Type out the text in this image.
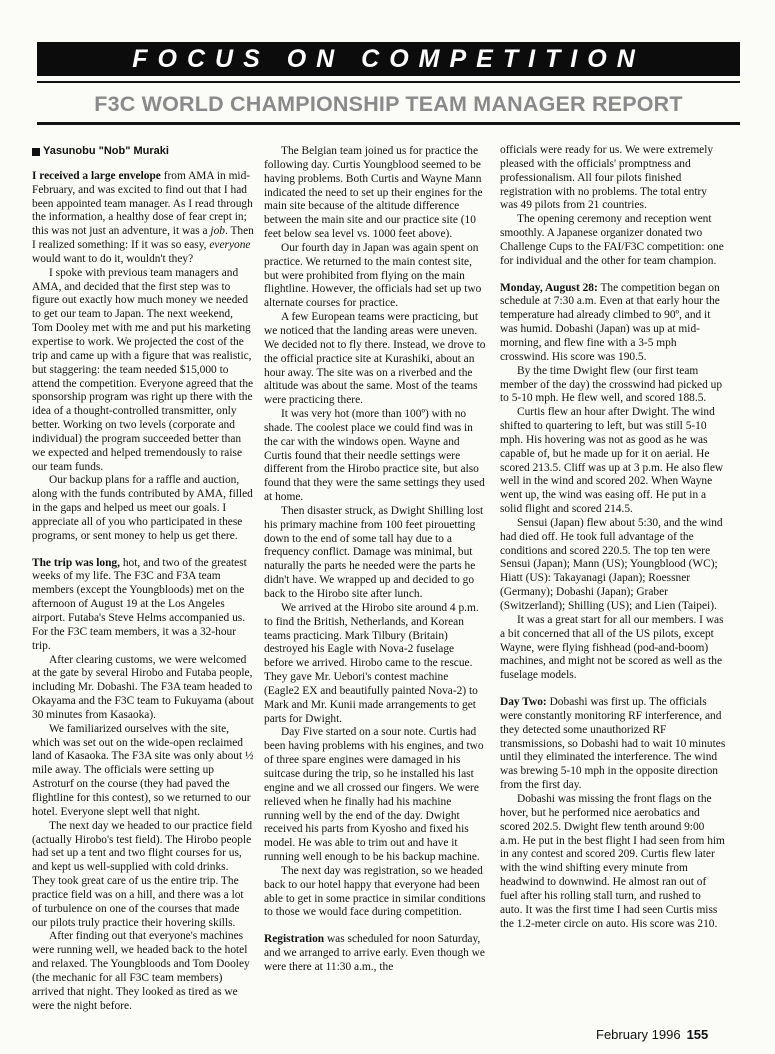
FOCUS ON COMPETITION
F3C WORLD CHAMPIONSHIP TEAM MANAGER REPORT
Yasunobu "Nob" Muraki

I received a large envelope from AMA in mid-February, and was excited to find out that I had been appointed team manager. As I read through the information, a healthy dose of fear crept in; this was not just an adventure, it was a job. Then I realized something: If it was so easy, everyone would want to do it, wouldn't they?

I spoke with previous team managers and AMA, and decided that the first step was to figure out exactly how much money we needed to get our team to Japan. The next weekend, Tom Dooley met with me and put his marketing expertise to work. We projected the cost of the trip and came up with a figure that was realistic, but staggering: the team needed $15,000 to attend the competition. Everyone agreed that the sponsorship program was right up there with the idea of a thought-controlled transmitter, only better. Working on two levels (corporate and individual) the program succeeded better than we expected and helped tremendously to raise our team funds.

Our backup plans for a raffle and auction, along with the funds contributed by AMA, filled in the gaps and helped us meet our goals. I appreciate all of you who participated in these programs, or sent money to help us get there.

The trip was long, hot, and two of the greatest weeks of my life. The F3C and F3A team members (except the Youngbloods) met on the afternoon of August 19 at the Los Angeles airport. Futaba's Steve Helms accompanied us. For the F3C team members, it was a 32-hour trip.

After clearing customs, we were welcomed at the gate by several Hirobo and Futaba people, including Mr. Dobashi. The F3A team headed to Okayama and the F3C team to Fukuyama (about 30 minutes from Kasaoka).

We familiarized ourselves with the site, which was set out on the wide-open reclaimed land of Kasaoka. The F3A site was only about ½ mile away. The officials were setting up Astroturf on the course (they had paved the flightline for this contest), so we returned to our hotel. Everyone slept well that night.

The next day we headed to our practice field (actually Hirobo's test field). The Hirobo people had set up a tent and two flight courses for us, and kept us well-supplied with cold drinks. They took great care of us the entire trip. The practice field was on a hill, and there was a lot of turbulence on one of the courses that made our pilots truly practice their hovering skills.

After finding out that everyone's machines were running well, we headed back to the hotel and relaxed. The Youngbloods and Tom Dooley (the mechanic for all F3C team members) arrived that night. They looked as tired as we were the night before.

The Belgian team joined us for practice the following day. Curtis Youngblood seemed to be having problems. Both Curtis and Wayne Mann indicated the need to set up their engines for the main site because of the altitude difference between the main site and our practice site (10 feet below sea level vs. 1000 feet above).

Our fourth day in Japan was again spent on practice. We returned to the main contest site, but were prohibited from flying on the main flightline. However, the officials had set up two alternate courses for practice.

A few European teams were practicing, but we noticed that the landing areas were uneven. We decided not to fly there. Instead, we drove to the official practice site at Kurashiki, about an hour away. The site was on a riverbed and the altitude was about the same. Most of the teams were practicing there.

It was very hot (more than 100º) with no shade. The coolest place we could find was in the car with the windows open. Wayne and Curtis found that their needle settings were different from the Hirobo practice site, but also found that they were the same settings they used at home.

Then disaster struck, as Dwight Shilling lost his primary machine from 100 feet pirouetting down to the end of some tall hay due to a frequency conflict. Damage was minimal, but naturally the parts he needed were the parts he didn't have. We wrapped up and decided to go back to the Hirobo site after lunch.

We arrived at the Hirobo site around 4 p.m. to find the British, Netherlands, and Korean teams practicing. Mark Tilbury (Britain) destroyed his Eagle with Nova-2 fuselage before we arrived. Hirobo came to the rescue. They gave Mr. Uebori's contest machine (Eagle2 EX and beautifully painted Nova-2) to Mark and Mr. Kunii made arrangements to get parts for Dwight.

Day Five started on a sour note. Curtis had been having problems with his engines, and two of three spare engines were damaged in his suitcase during the trip, so he installed his last engine and we all crossed our fingers. We were relieved when he finally had his machine running well by the end of the day. Dwight received his parts from Kyosho and fixed his model. He was able to trim out and have it running well enough to be his backup machine.

The next day was registration, so we headed back to our hotel happy that everyone had been able to get in some practice in similar conditions to those we would face during competition.

Registration was scheduled for noon Saturday, and we arranged to arrive early. Even though we were there at 11:30 a.m., the

officials were ready for us. We were extremely pleased with the officials' promptness and professionalism. All four pilots finished registration with no problems. The total entry was 49 pilots from 21 countries.

The opening ceremony and reception went smoothly. A Japanese organizer donated two Challenge Cups to the FAI/F3C competition: one for individual and the other for team champion.

Monday, August 28: The competition began on schedule at 7:30 a.m. Even at that early hour the temperature had already climbed to 90º, and it was humid. Dobashi (Japan) was up at mid-morning, and flew fine with a 3-5 mph crosswind. His score was 190.5.

By the time Dwight flew (our first team member of the day) the crosswind had picked up to 5-10 mph. He flew well, and scored 188.5.

Curtis flew an hour after Dwight. The wind shifted to quartering to left, but was still 5-10 mph. His hovering was not as good as he was capable of, but he made up for it on aerial. He scored 213.5. Cliff was up at 3 p.m. He also flew well in the wind and scored 202. When Wayne went up, the wind was easing off. He put in a solid flight and scored 214.5.

Sensui (Japan) flew about 5:30, and the wind had died off. He took full advantage of the conditions and scored 220.5. The top ten were Sensui (Japan); Mann (US); Youngblood (WC); Hiatt (US): Takayanagi (Japan); Roessner (Germany); Dobashi (Japan); Graber (Switzerland); Shilling (US); and Lien (Taipei).

It was a great start for all our members. I was a bit concerned that all of the US pilots, except Wayne, were flying fishhead (pod-and-boom) machines, and might not be scored as well as the fuselage models.

Day Two: Dobashi was first up. The officials were constantly monitoring RF interference, and they detected some unauthorized RF transmissions, so Dobashi had to wait 10 minutes until they eliminated the interference. The wind was brewing 5-10 mph in the opposite direction from the first day.

Dobashi was missing the front flags on the hover, but he performed nice aerobatics and scored 202.5. Dwight flew tenth around 9:00 a.m. He put in the best flight I had seen from him in any contest and scored 209. Curtis flew later with the wind shifting every minute from headwind to downwind. He almost ran out of fuel after his rolling stall turn, and rushed to auto. It was the first time I had seen Curtis miss the 1.2-meter circle on auto. His score was 210.

February 1996 155
